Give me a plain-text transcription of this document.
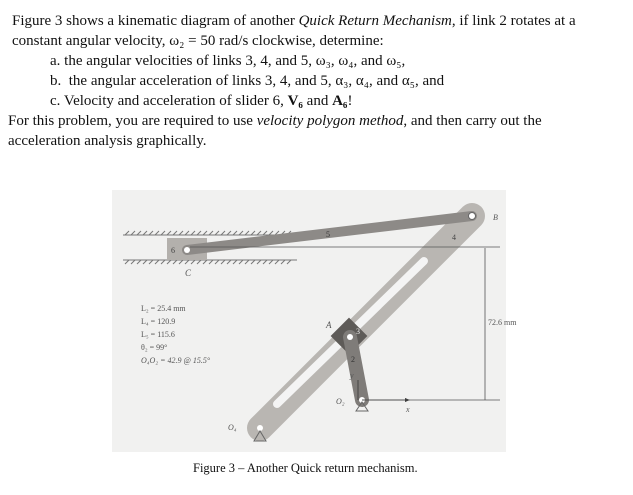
Figure 3 shows a kinematic diagram of another Quick Return Mechanism, if link 2 rotates at a
constant angular velocity, ω₂ = 50 rad/s clockwise, determine:
a. the angular velocities of links 3, 4, and 5, ω₃, ω₄, and ω₅,
b. the angular acceleration of links 3, 4, and 5, α₃, α₄, and α₅, and
c. Velocity and acceleration of slider 6, V₆ and A₆!
For this problem, you are required to use velocity polygon method, and then carry out the
acceleration analysis graphically.
72.6 mm
B
C
A
O₄
O₂
x
y
2
3
4
5
6
L₂ = 25.4 mm
L₄ = 120.9
L₅ = 115.6
θ₂ = 99°
O₄O₂ = 42.9 @ 15.5°
Figure 3 – Another Quick return mechanism.
